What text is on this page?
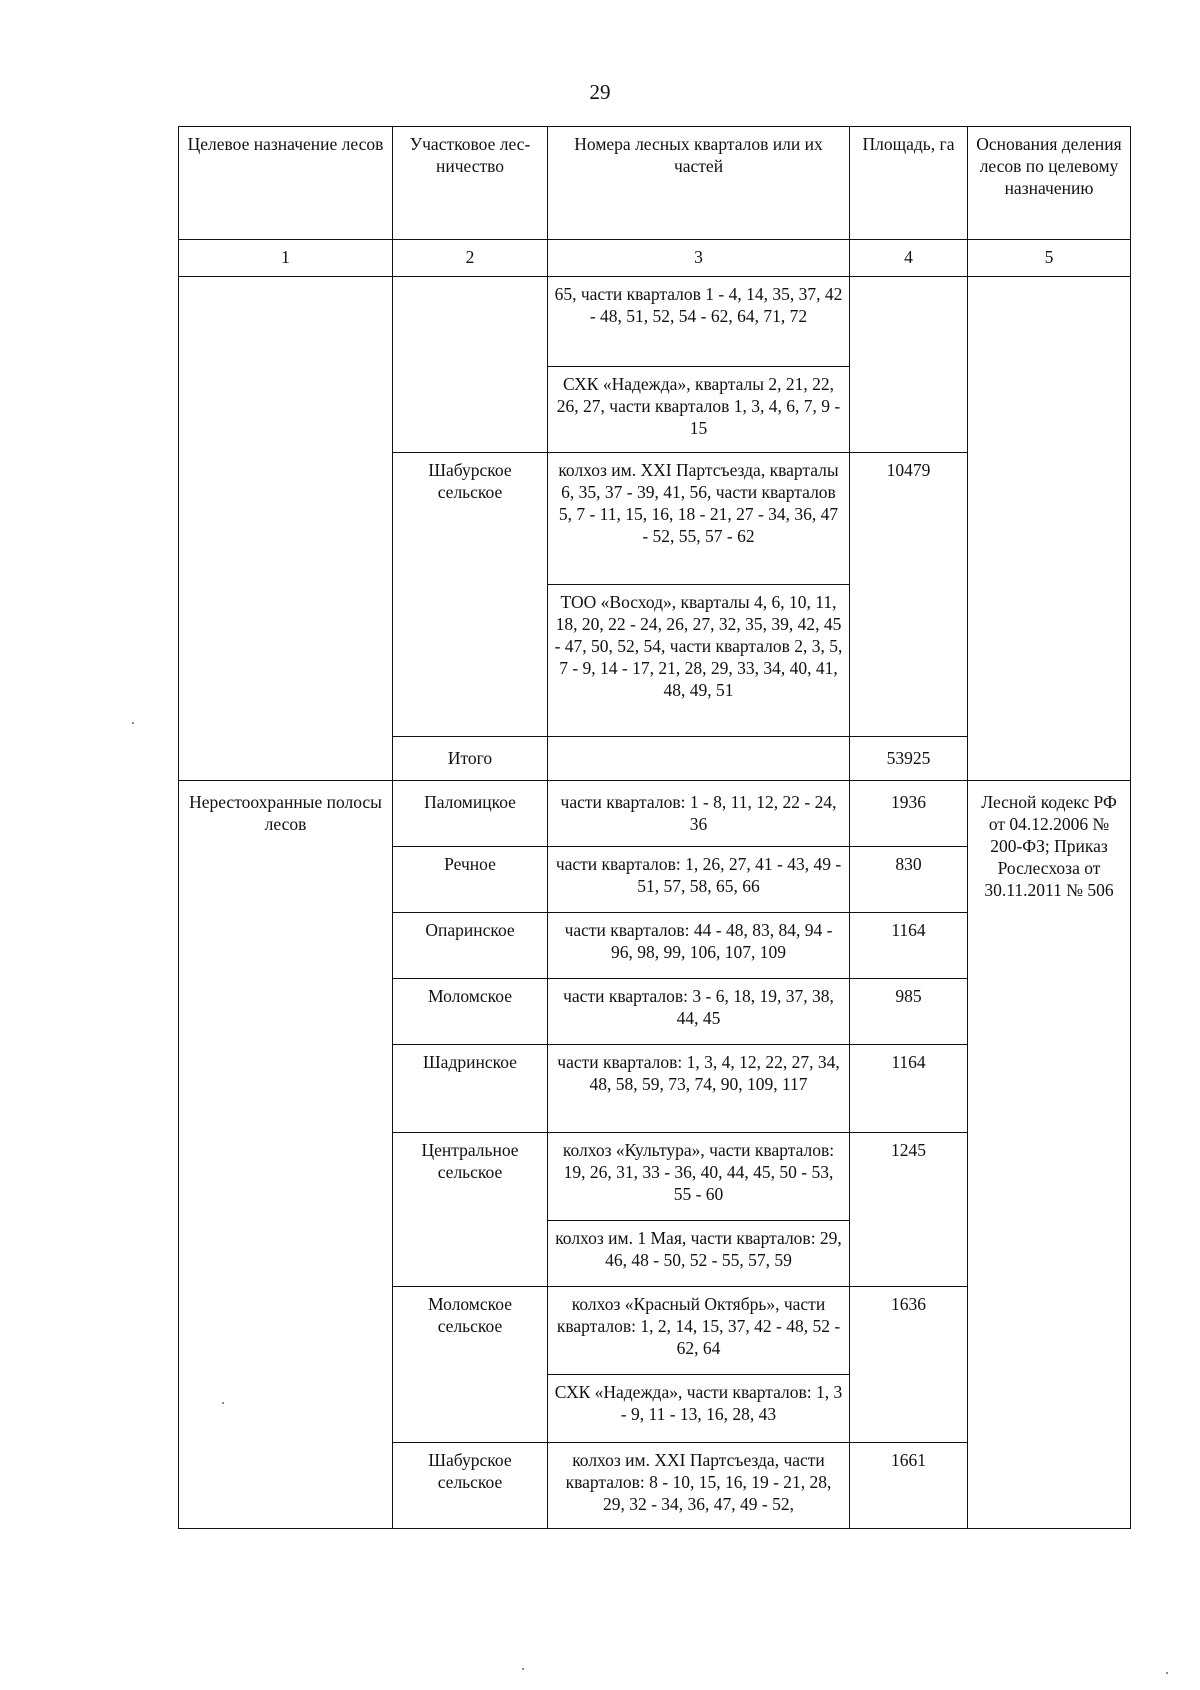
29
Целевое назначение лесов	Участковое лесничество	Номера лесных кварталов или их частей	Площадь, га	Основания деления лесов по целевому назначению
1	2	3	4	5
		65, части кварталов 1 - 4, 14, 35, 37, 42 - 48, 51, 52, 54 - 62, 64, 71, 72		
		СХК «Надежда», кварталы 2, 21, 22, 26, 27, части кварталов 1, 3, 4, 6, 7, 9 - 15		
	Шабурское сельское	колхоз им. XXI Партсъезда, кварталы 6, 35, 37 - 39, 41, 56, части кварталов 5, 7 - 11, 15, 16, 18 - 21, 27 - 34, 36, 47 - 52, 55, 57 - 62	10479	
		ТОО «Восход», кварталы 4, 6, 10, 11, 18, 20, 22 - 24, 26, 27, 32, 35, 39, 42, 45 - 47, 50, 52, 54, части кварталов 2, 3, 5, 7 - 9, 14 - 17, 21, 28, 29, 33, 34, 40, 41, 48, 49, 51		
	Итого		53925	

Нерестоохранные полосы лесов	Паломицкое	части кварталов: 1 - 8, 11, 12, 22 - 24, 36	1936	Лесной кодекс РФ от 04.12.2006 № 200-ФЗ; Приказ Рослесхоза от 30.11.2011 № 506
	Речное	части кварталов: 1, 26, 27, 41 - 43, 49 - 51, 57, 58, 65, 66	830	
	Опаринское	части кварталов: 44 - 48, 83, 84, 94 - 96, 98, 99, 106, 107, 109	1164	
	Моломское	части кварталов: 3 - 6, 18, 19, 37, 38, 44, 45	985	
	Шадринское	части кварталов: 1, 3, 4, 12, 22, 27, 34, 48, 58, 59, 73, 74, 90, 109, 117	1164	
	Центральное сельское	колхоз «Культура», части кварталов: 19, 26, 31, 33 - 36, 40, 44, 45, 50 - 53, 55 - 60	1245	
		колхоз им. 1 Мая, части кварталов: 29, 46, 48 - 50, 52 - 55, 57, 59		
	Моломское сельское	колхоз «Красный Октябрь», части кварталов: 1, 2, 14, 15, 37, 42 - 48, 52 - 62, 64	1636	
		СХК «Надежда», части кварталов: 1, 3 - 9, 11 - 13, 16, 28, 43		
	Шабурское сельское	колхоз им. XXI Партсъезда, части кварталов: 8 - 10, 15, 16, 19 - 21, 28, 29, 32 - 34, 36, 47, 49 - 52,	1661	
